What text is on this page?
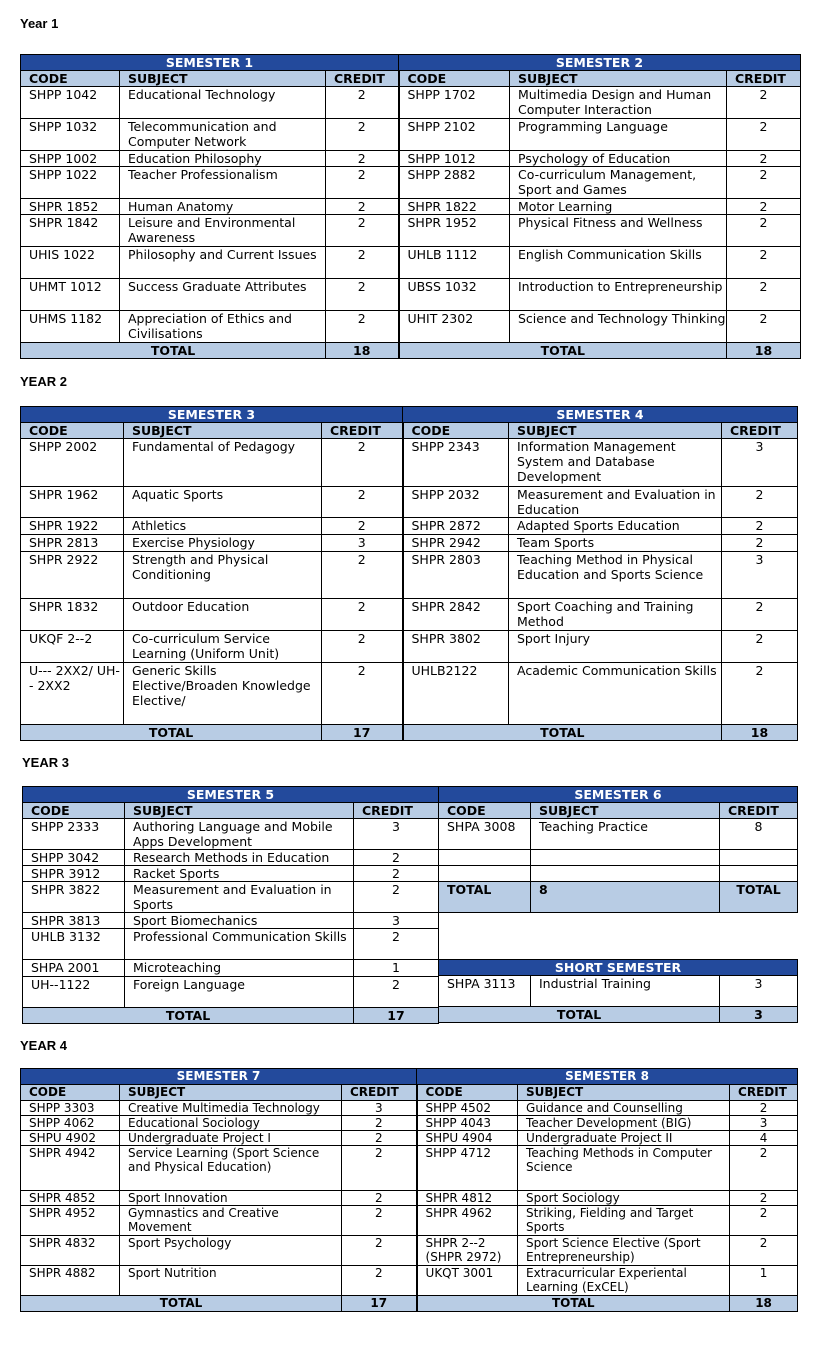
Year 1
SEMESTER 1			SEMESTER 2		
CODE	SUBJECT	CREDIT	CODE	SUBJECT	CREDIT
SHPP 1042	Educational Technology	2	SHPP 1702	Multimedia Design and Human Computer Interaction	2
SHPP 1032	Telecommunication and Computer Network	2	SHPP 2102	Programming Language	2
SHPP 1002	Education Philosophy	2	SHPP 1012	Psychology of Education	2
SHPP 1022	Teacher Professionalism	2	SHPP 2882	Co-curriculum Management, Sport and Games	2
SHPR 1852	Human Anatomy	2	SHPR 1822	Motor Learning	2
SHPR 1842	Leisure and Environmental Awareness	2	SHPR 1952	Physical Fitness and Wellness	2
UHIS 1022	Philosophy and Current Issues	2	UHLB 1112	English Communication Skills	2
UHMT 1012	Success Graduate Attributes	2	UBSS 1032	Introduction to Entrepreneurship	2
UHMS 1182	Appreciation of Ethics and Civilisations	2	UHIT 2302	Science and Technology Thinking	2
TOTAL		18	TOTAL		18
YEAR 2
SEMESTER 3			SEMESTER 4		
CODE	SUBJECT	CREDIT	CODE	SUBJECT	CREDIT
SHPP 2002	Fundamental of Pedagogy	2	SHPP 2343	Information Management System and Database Development	3
SHPR 1962	Aquatic Sports	2	SHPP 2032	Measurement and Evaluation in Education	2
SHPR 1922	Athletics	2	SHPR 2872	Adapted Sports Education	2
SHPR 2813	Exercise Physiology	3	SHPR 2942	Team Sports	2
SHPR 2922	Strength and Physical Conditioning	2	SHPR 2803	Teaching Method in Physical Education and Sports Science	3
SHPR 1832	Outdoor Education	2	SHPR 2842	Sport Coaching and Training Method	2
UKQF 2--2	Co-curriculum Service Learning (Uniform Unit)	2	SHPR 3802	Sport Injury	2
U--- 2XX2/ UH-- 2XX2	Generic Skills Elective/Broaden Knowledge Elective/	2	UHLB2122	Academic Communication Skills	2
TOTAL		17	TOTAL		18
YEAR 3
SEMESTER 5		
CODE	SUBJECT	CREDIT
SHPP 2333	Authoring Language and Mobile Apps Development	3
SHPP 3042	Research Methods in Education	2
SHPR 3912	Racket Sports	2
SHPR 3822	Measurement and Evaluation in Sports	2
SHPR 3813	Sport Biomechanics	3
UHLB 3132	Professional Communication Skills	2
SHPA 2001	Microteaching	1
UH--1122	Foreign Language	2
TOTAL		17
SEMESTER 6		
CODE	SUBJECT	CREDIT
SHPA 3008	Teaching Practice	8

TOTAL	8	TOTAL
SHORT SEMESTER		
SHPA 3113	Industrial Training	3
TOTAL		3
YEAR 4
SEMESTER 7			SEMESTER 8		
CODE	SUBJECT	CREDIT	CODE	SUBJECT	CREDIT
SHPP 3303	Creative Multimedia Technology	3	SHPP 4502	Guidance and Counselling	2
SHPP 4062	Educational Sociology	2	SHPP 4043	Teacher Development (BIG)	3
SHPU 4902	Undergraduate Project I	2	SHPU 4904	Undergraduate Project II	4
SHPR 4942	Service Learning (Sport Science and Physical Education)	2	SHPP 4712	Teaching Methods in Computer Science	2
SHPR 4852	Sport Innovation	2	SHPR 4812	Sport Sociology	2
SHPR 4952	Gymnastics and Creative Movement	2	SHPR 4962	Striking, Fielding and Target Sports	2
SHPR 4832	Sport Psychology	2	SHPR 2--2 (SHPR 2972)	Sport Science Elective (Sport Entrepreneurship)	2
SHPR 4882	Sport Nutrition	2	UKQT 3001	Extracurricular Experiental Learning (ExCEL)	1
TOTAL		17	TOTAL		18
